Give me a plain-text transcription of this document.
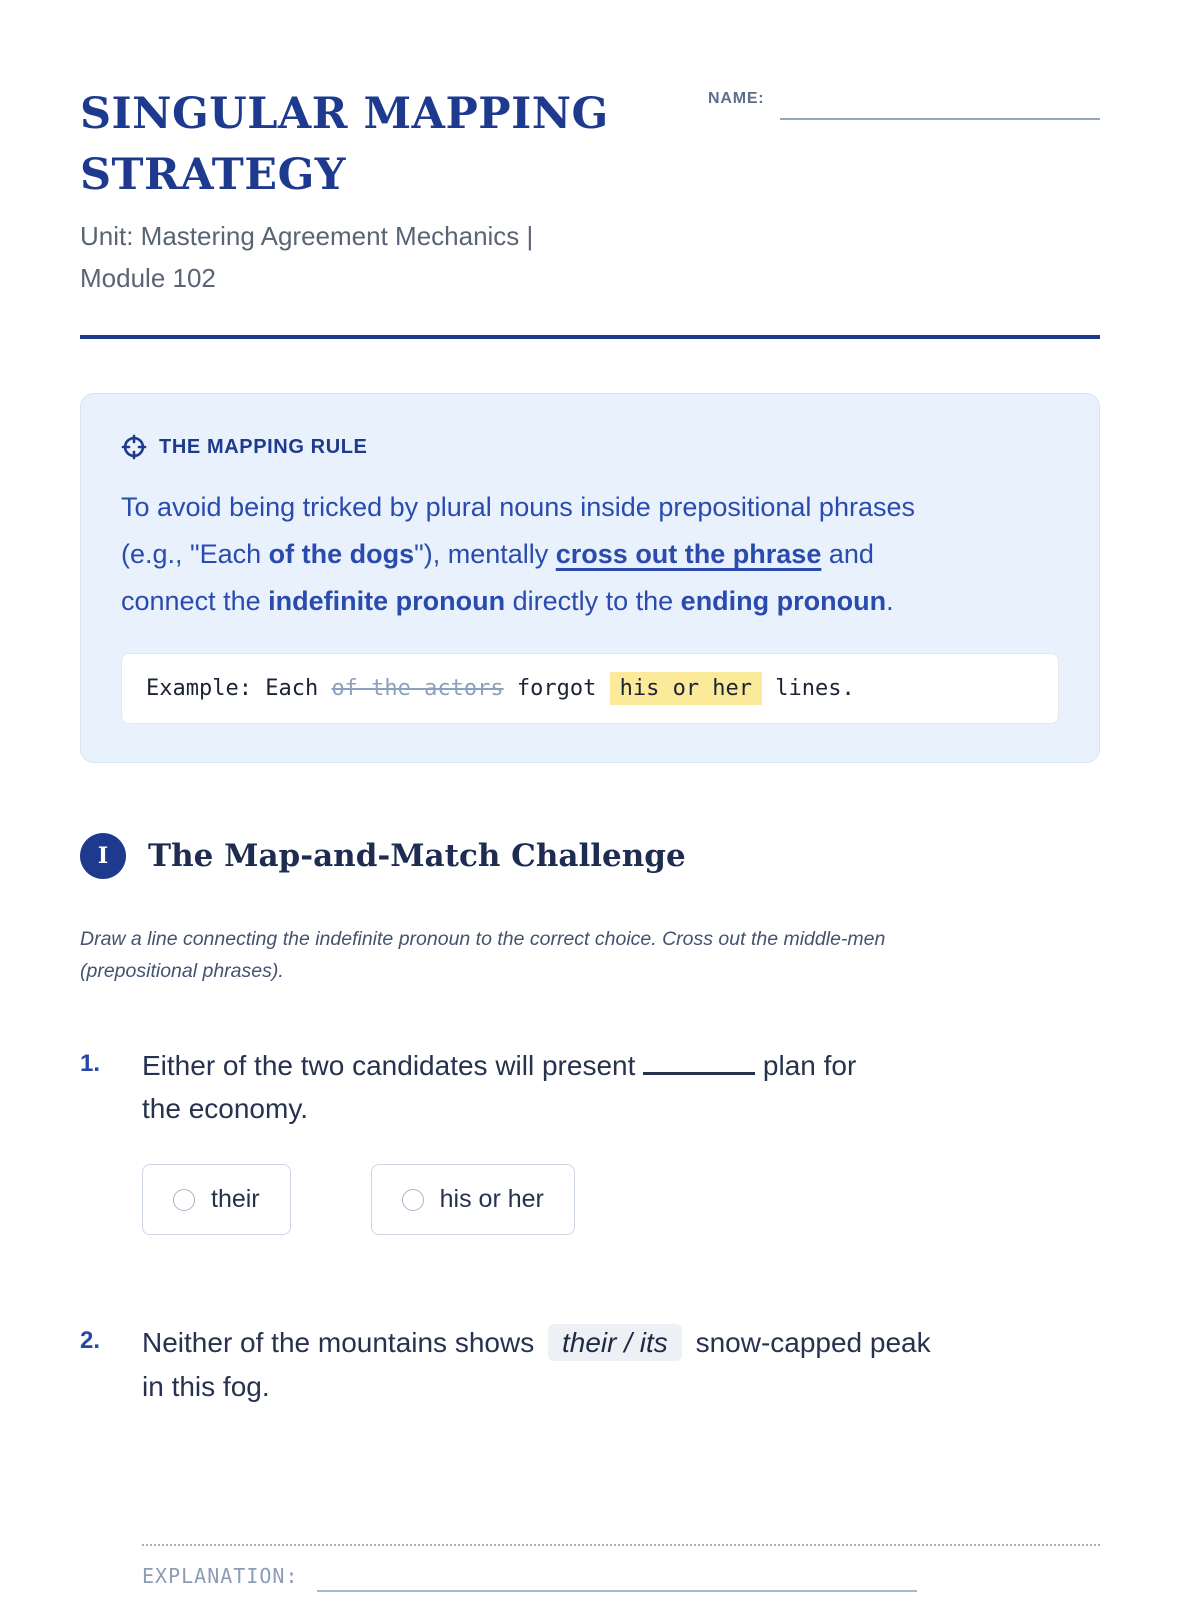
SINGULAR MAPPING
STRATEGY
Unit: Mastering Agreement Mechanics |
Module 102
NAME:
THE MAPPING RULE
To avoid being tricked by plural nouns inside prepositional phrases
(e.g., "Each of the dogs"), mentally cross out the phrase and
connect the indefinite pronoun directly to the ending pronoun.
Example: Each of the actors forgot his or her lines.
I	The Map-and-Match Challenge
Draw a line connecting the indefinite pronoun to the correct choice. Cross out the middle-men
(prepositional phrases).
1.	Either of the two candidates will present	plan for
the economy.
their	his or her
2.	Neither of the mountains shows their / its snow-capped peak
in this fog.
EXPLANATION:
